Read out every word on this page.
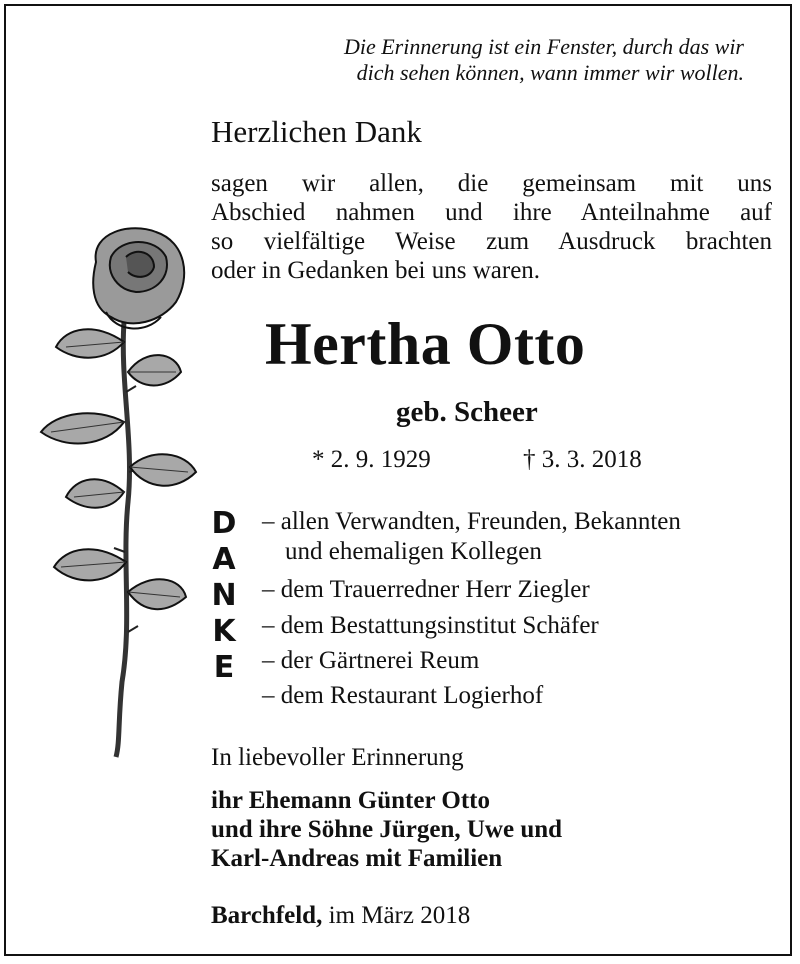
Die Erinnerung ist ein Fenster, durch das wir
dich sehen können, wann immer wir wollen.
Herzlichen Dank
sagen wir allen, die gemeinsam mit uns
Abschied nahmen und ihre Anteilnahme auf
so vielfältige Weise zum Ausdruck brachten
oder in Gedanken bei uns waren.
Hertha Otto
geb. Scheer
* 2. 9. 1929	† 3. 3. 2018
D
A
N
K
E
– allen Verwandten, Freunden, Bekannten
und ehemaligen Kollegen
– dem Trauerredner Herr Ziegler
– dem Bestattungsinstitut Schäfer
– der Gärtnerei Reum
– dem Restaurant Logierhof
In liebevoller Erinnerung
ihr Ehemann Günter Otto
und ihre Söhne Jürgen, Uwe und
Karl-Andreas mit Familien
Barchfeld, im März 2018
